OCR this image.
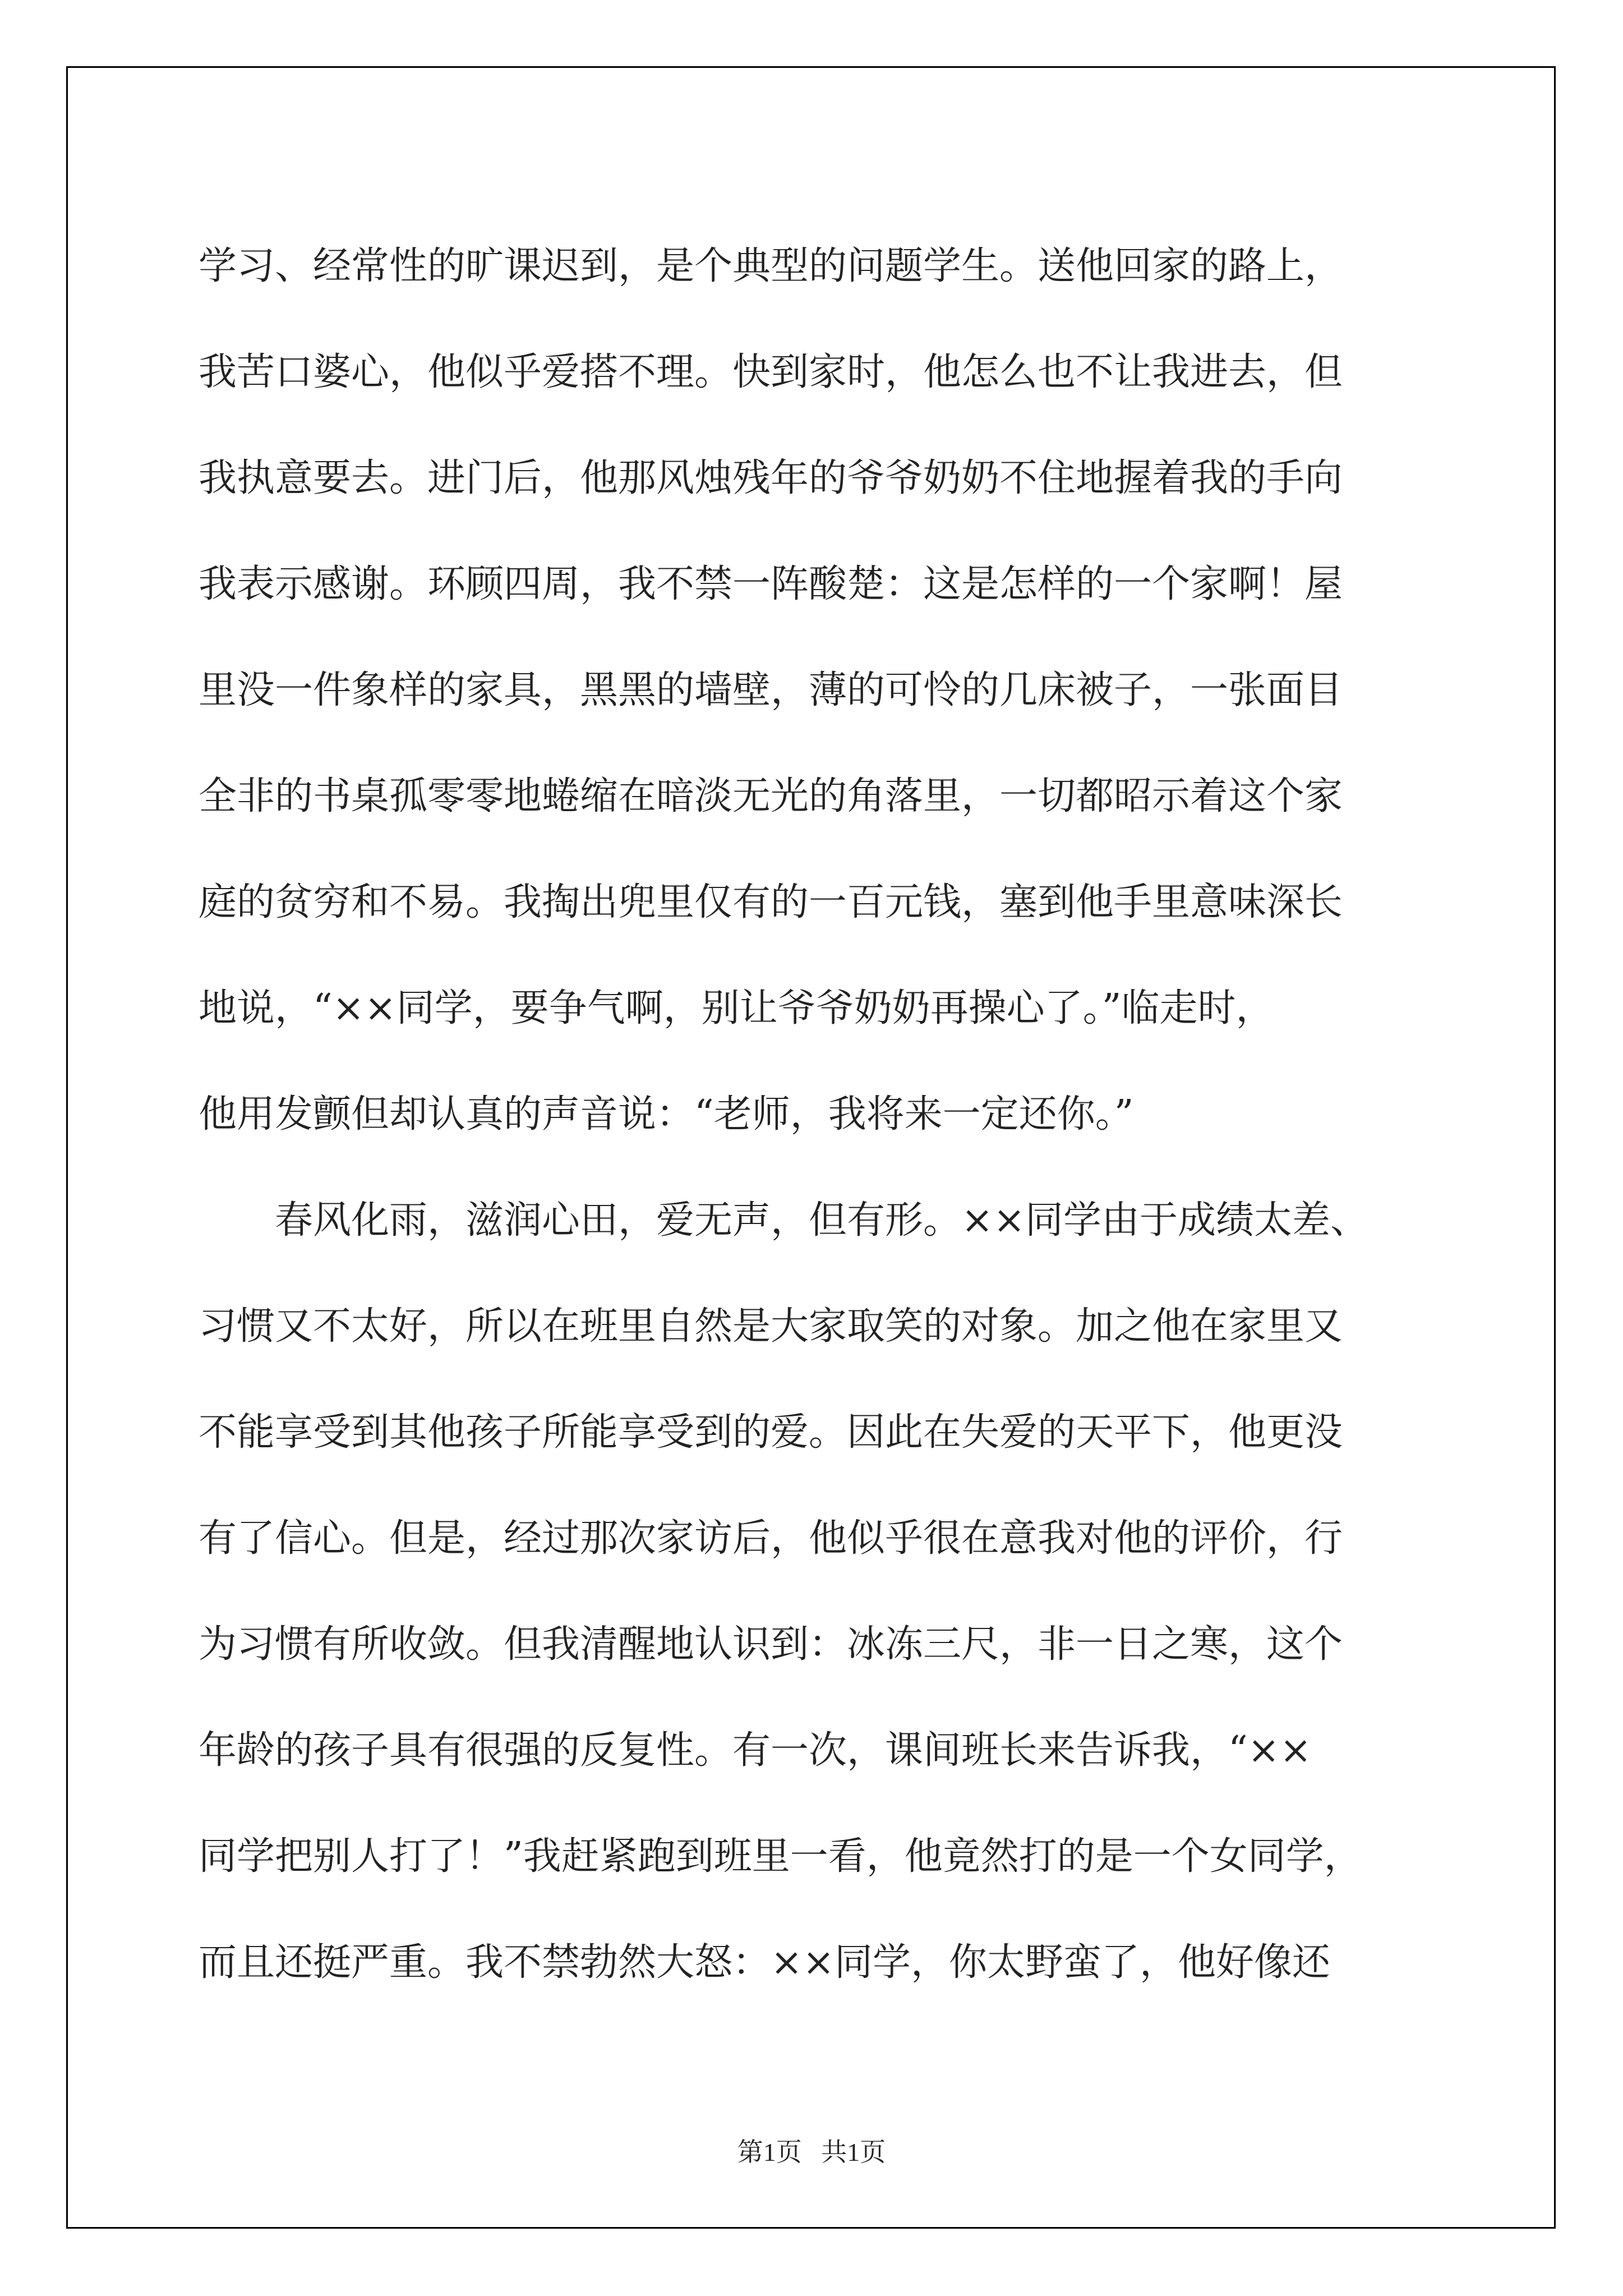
学习、经常性的旷课迟到，是个典型的问题学生。送他回家的路上，
我苦口婆心，他似乎爱搭不理。快到家时，他怎么也不让我进去，但
我执意要去。进门后，他那风烛残年的爷爷奶奶不住地握着我的手向
我表示感谢。环顾四周，我不禁一阵酸楚：这是怎样的一个家啊！屋
里没一件象样的家具，黑黑的墙壁，薄的可怜的几床被子，一张面目
全非的书桌孤零零地蜷缩在暗淡无光的角落里，一切都昭示着这个家
庭的贫穷和不易。我掏出兜里仅有的一百元钱，塞到他手里意味深长
地说，“××同学，要争气啊，别让爷爷奶奶再操心了。”临走时，
他用发颤但却认真的声音说：“老师，我将来一定还你。”
春风化雨，滋润心田，爱无声，但有形。××同学由于成绩太差、
习惯又不太好，所以在班里自然是大家取笑的对象。加之他在家里又
不能享受到其他孩子所能享受到的爱。因此在失爱的天平下，他更没
有了信心。但是，经过那次家访后，他似乎很在意我对他的评价，行
为习惯有所收敛。但我清醒地认识到：冰冻三尺，非一日之寒，这个
年龄的孩子具有很强的反复性。有一次，课间班长来告诉我，“××
同学把别人打了！”我赶紧跑到班里一看，他竟然打的是一个女同学，
而且还挺严重。我不禁勃然大怒：××同学，你太野蛮了，他好像还
第1页   共1页
